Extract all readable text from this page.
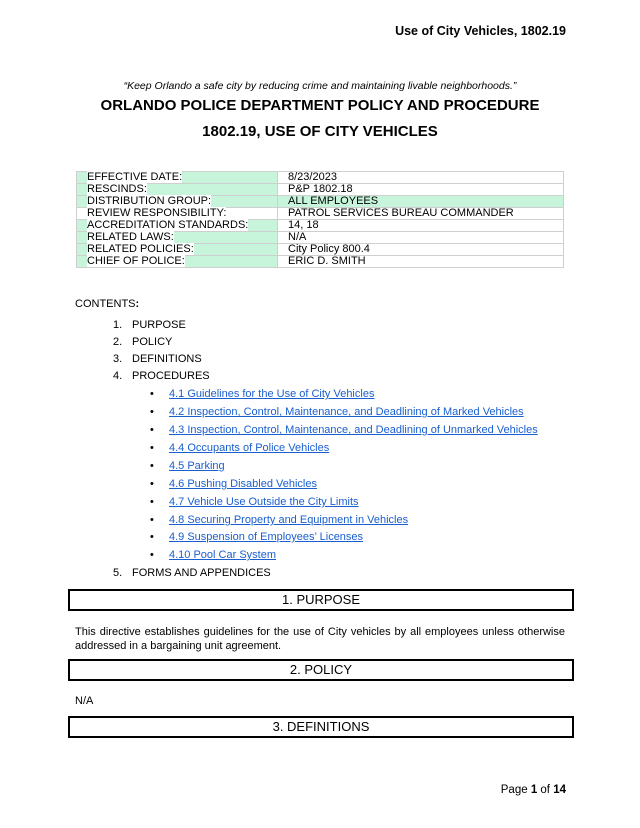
Use of City Vehicles, 1802.19
“Keep Orlando a safe city by reducing crime and maintaining livable neighborhoods.”
ORLANDO POLICE DEPARTMENT POLICY AND PROCEDURE
1802.19, USE OF CITY VEHICLES
EFFECTIVE DATE:	8/23/2023
RESCINDS:	P&P 1802.18
DISTRIBUTION GROUP:	ALL EMPLOYEES
REVIEW RESPONSIBILITY:	PATROL SERVICES BUREAU COMMANDER
ACCREDITATION STANDARDS:	14, 18
RELATED LAWS:	N/A
RELATED POLICIES:	City Policy 800.4
CHIEF OF POLICE:	ERIC D. SMITH
CONTENTS:
1. PURPOSE
2. POLICY
3. DEFINITIONS
4. PROCEDURES
• 4.1 Guidelines for the Use of City Vehicles
• 4.2 Inspection, Control, Maintenance, and Deadlining of Marked Vehicles
• 4.3 Inspection, Control, Maintenance, and Deadlining of Unmarked Vehicles
• 4.4 Occupants of Police Vehicles
• 4.5 Parking
• 4.6 Pushing Disabled Vehicles
• 4.7 Vehicle Use Outside the City Limits
• 4.8 Securing Property and Equipment in Vehicles
• 4.9 Suspension of Employees’ Licenses
• 4.10 Pool Car System
5. FORMS AND APPENDICES
1. PURPOSE
This directive establishes guidelines for the use of City vehicles by all employees unless otherwise addressed in a bargaining unit agreement.
2. POLICY
N/A
3. DEFINITIONS
Page 1 of 14
